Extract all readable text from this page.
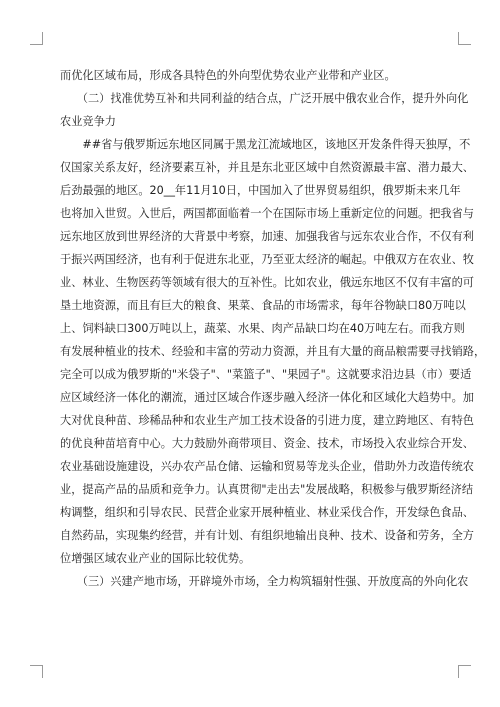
而优化区域布局，形成各具特色的外向型优势农业产业带和产业区。
　　（二）找准优势互补和共同利益的结合点，广泛开展中俄农业合作，提升外向化
农业竞争力
　　##省与俄罗斯远东地区同属于黑龙江流域地区，该地区开发条件得天独厚，不
仅国家关系友好，经济要素互补，并且是东北亚区域中自然资源最丰富、潜力最大、
后劲最强的地区。20__年11月10日，中国加入了世界贸易组织，俄罗斯未来几年
也将加入世贸。入世后，两国都面临着一个在国际市场上重新定位的问题。把我省与
远东地区放到世界经济的大背景中考察，加速、加强我省与远东农业合作，不仅有利
于振兴两国经济，也有利于促进东北亚，乃至亚太经济的崛起。中俄双方在农业、牧
业、林业、生物医药等领域有很大的互补性。比如农业，俄远东地区不仅有丰富的可
垦土地资源，而且有巨大的粮食、果菜、食品的市场需求，每年谷物缺口80万吨以
上、饲料缺口300万吨以上，蔬菜、水果、肉产品缺口均在40万吨左右。而我方则
有发展种植业的技术、经验和丰富的劳动力资源，并且有大量的商品粮需要寻找销路，
完全可以成为俄罗斯的"米袋子"、"菜篮子"、"果园子"。这就要求沿边县（市）要适
应区域经济一体化的潮流，通过区域合作逐步融入经济一体化和区域化大趋势中。加
大对优良种苗、珍稀品种和农业生产加工技术设备的引进力度，建立跨地区、有特色
的优良种苗培育中心。大力鼓励外商带项目、资金、技术，市场投入农业综合开发、
农业基础设施建设，兴办农产品仓储、运输和贸易等龙头企业，借助外力改造传统农
业，提高产品的品质和竞争力。认真贯彻"走出去"发展战略，积极参与俄罗斯经济结
构调整，组织和引导农民、民营企业家开展种植业、林业采伐合作，开发绿色食品、
自然药品，实现集约经营，并有计划、有组织地输出良种、技术、设备和劳务，全方
位增强区域农业产业的国际比较优势。
　　（三）兴建产地市场，开辟境外市场，全力构筑辐射性强、开放度高的外向化农
